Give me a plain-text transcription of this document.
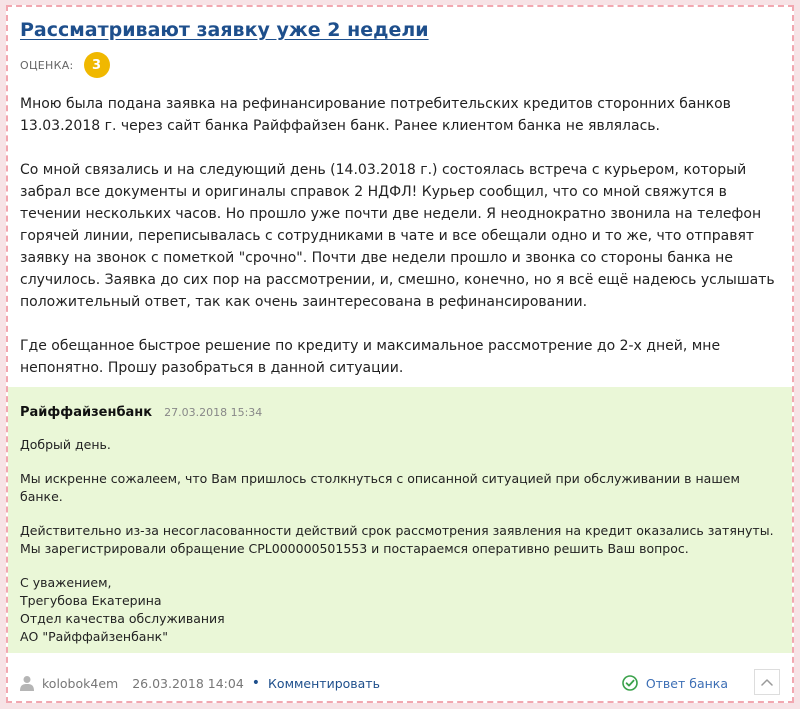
Рассматривают заявку уже 2 недели
ОЦЕНКА:	3

Мною была подана заявка на рефинансирование потребительских кредитов сторонних банков 13.03.2018 г. через сайт банка Райффайзен банк. Ранее клиентом банка не являлась.

Со мной связались и на следующий день (14.03.2018 г.) состоялась встреча с курьером, который забрал все документы и оригиналы справок 2 НДФЛ! Курьер сообщил, что со мной свяжутся в течении нескольких часов. Но прошло уже почти две недели. Я неоднократно звонила на телефон горячей линии, переписывалась с сотрудниками в чате и все обещали одно и то же, что отправят заявку на звонок с пометкой "срочно". Почти две недели прошло и звонка со стороны банка не случилось. Заявка до сих пор на рассмотрении, и, смешно, конечно, но я всё ещё надеюсь услышать положительный ответ, так как очень заинтересована в рефинансировании.

Где обещанное быстрое решение по кредиту и максимальное рассмотрение до 2-х дней, мне непонятно. Прошу разобраться в данной ситуации.

Райффайзенбанк 27.03.2018 15:34

Добрый день.

Мы искренне сожалеем, что Вам пришлось столкнуться с описанной ситуацией при обслуживании в нашем банке.

Действительно из-за несогласованности действий срок рассмотрения заявления на кредит оказались затянуты. Мы зарегистрировали обращение CPL000000501553 и постараемся оперативно решить Ваш вопрос.

С уважением,
Трегубова Екатерина
Отдел качества обслуживания
АО "Райффайзенбанк"
kolobok4em 26.03.2018 14:04 • Комментировать	Ответ банка
